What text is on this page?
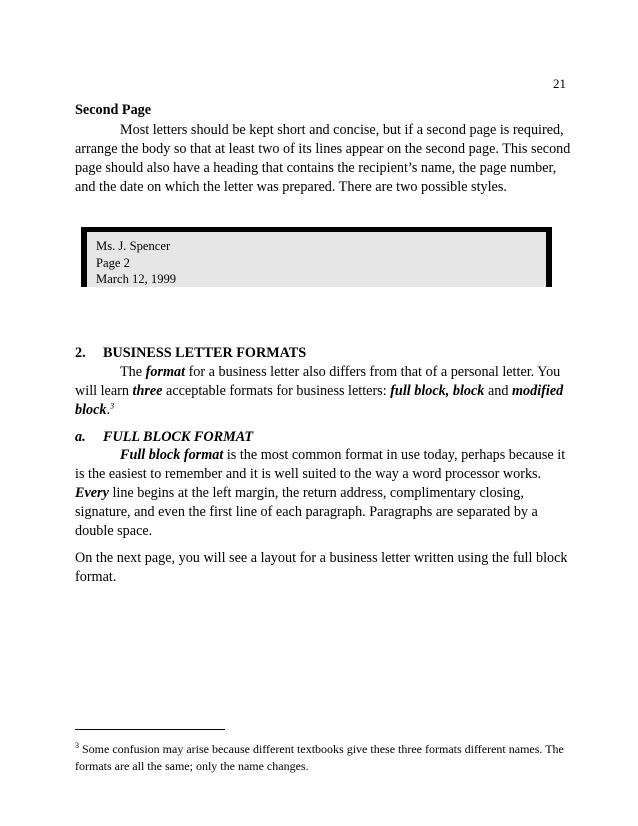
21
Second Page

Most letters should be kept short and concise, but if a second page is required, arrange the body so that at least two of its lines appear on the second page. This second page should also have a heading that contains the recipient’s name, the page number, and the date on which the letter was prepared. There are two possible styles.

Ms. J. Spencer
Page 2
March 12, 1999
2. BUSINESS LETTER FORMATS

The format for a business letter also differs from that of a personal letter. You will learn three acceptable formats for business letters: full block, block and modified block.$^3$

a. FULL BLOCK FORMAT

Full block format is the most common format in use today, perhaps because it is the easiest to remember and it is well suited to the way a word processor works. Every line begins at the left margin, the return address, complimentary closing, signature, and even the first line of each paragraph. Paragraphs are separated by a double space.

On the next page, you will see a layout for a business letter written using the full block format.

$^3$ Some confusion may arise because different textbooks give these three formats different names. The formats are all the same; only the name changes.
